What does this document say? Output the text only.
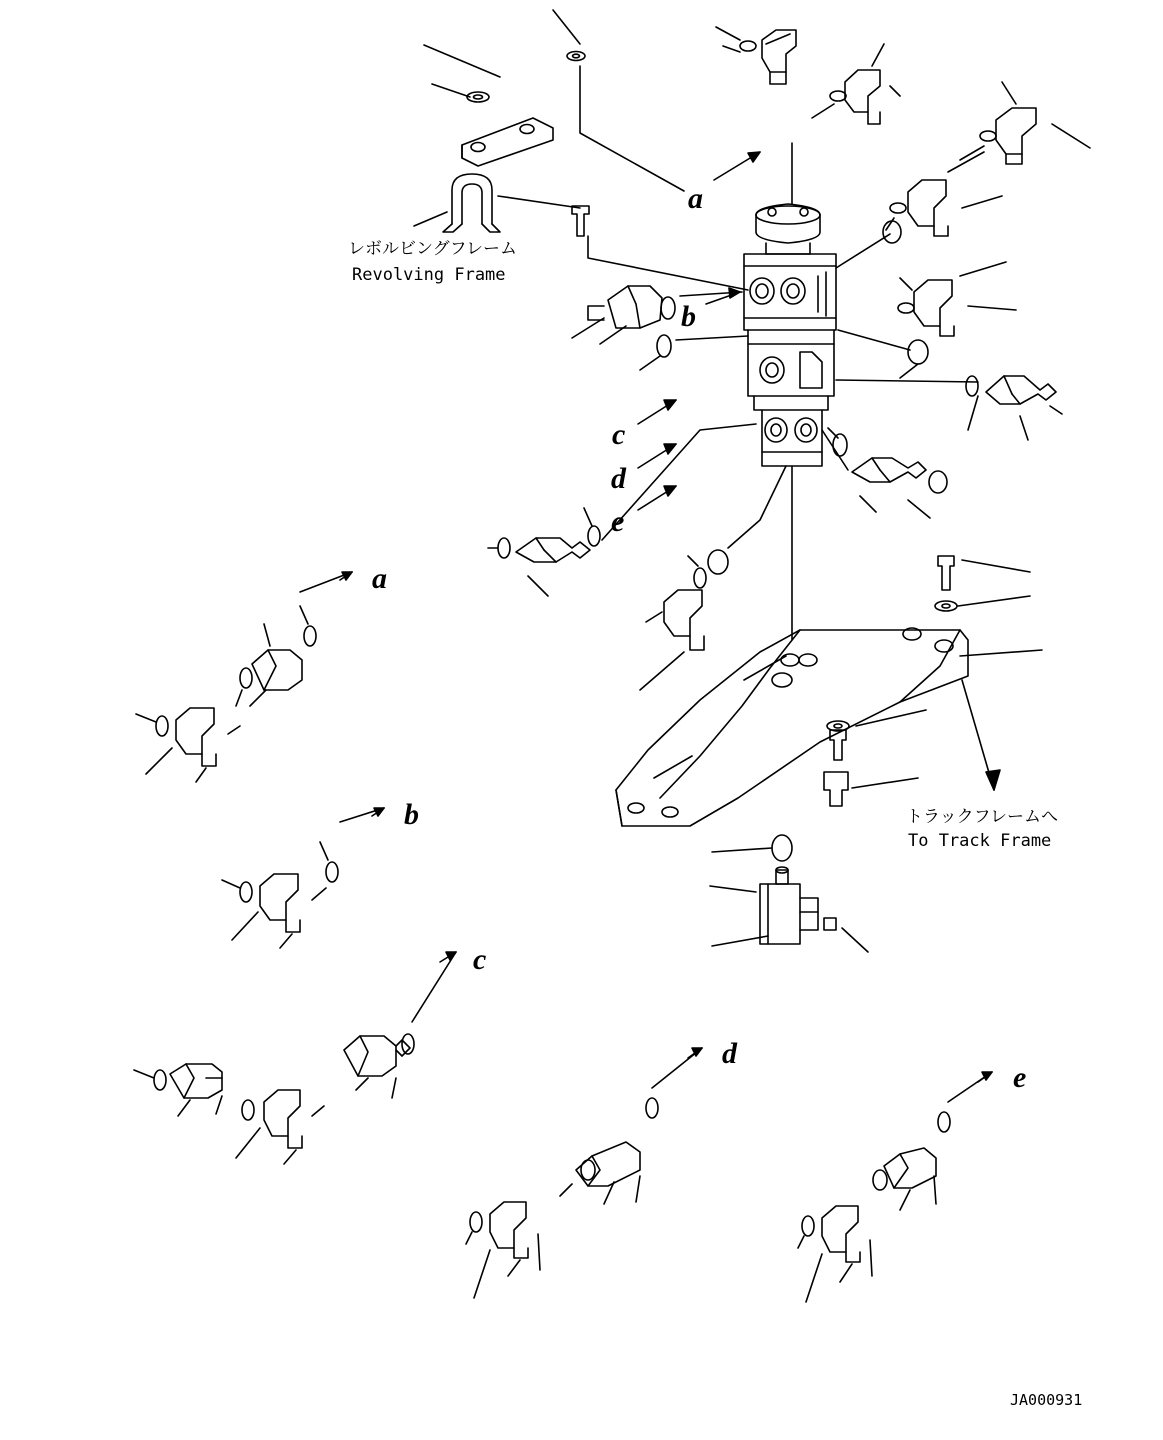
a
b
c
d
e
a
b
c
d
e
レボルビングフレーム
Revolving Frame
トラックフレームへ
To Track Frame
JA000931
